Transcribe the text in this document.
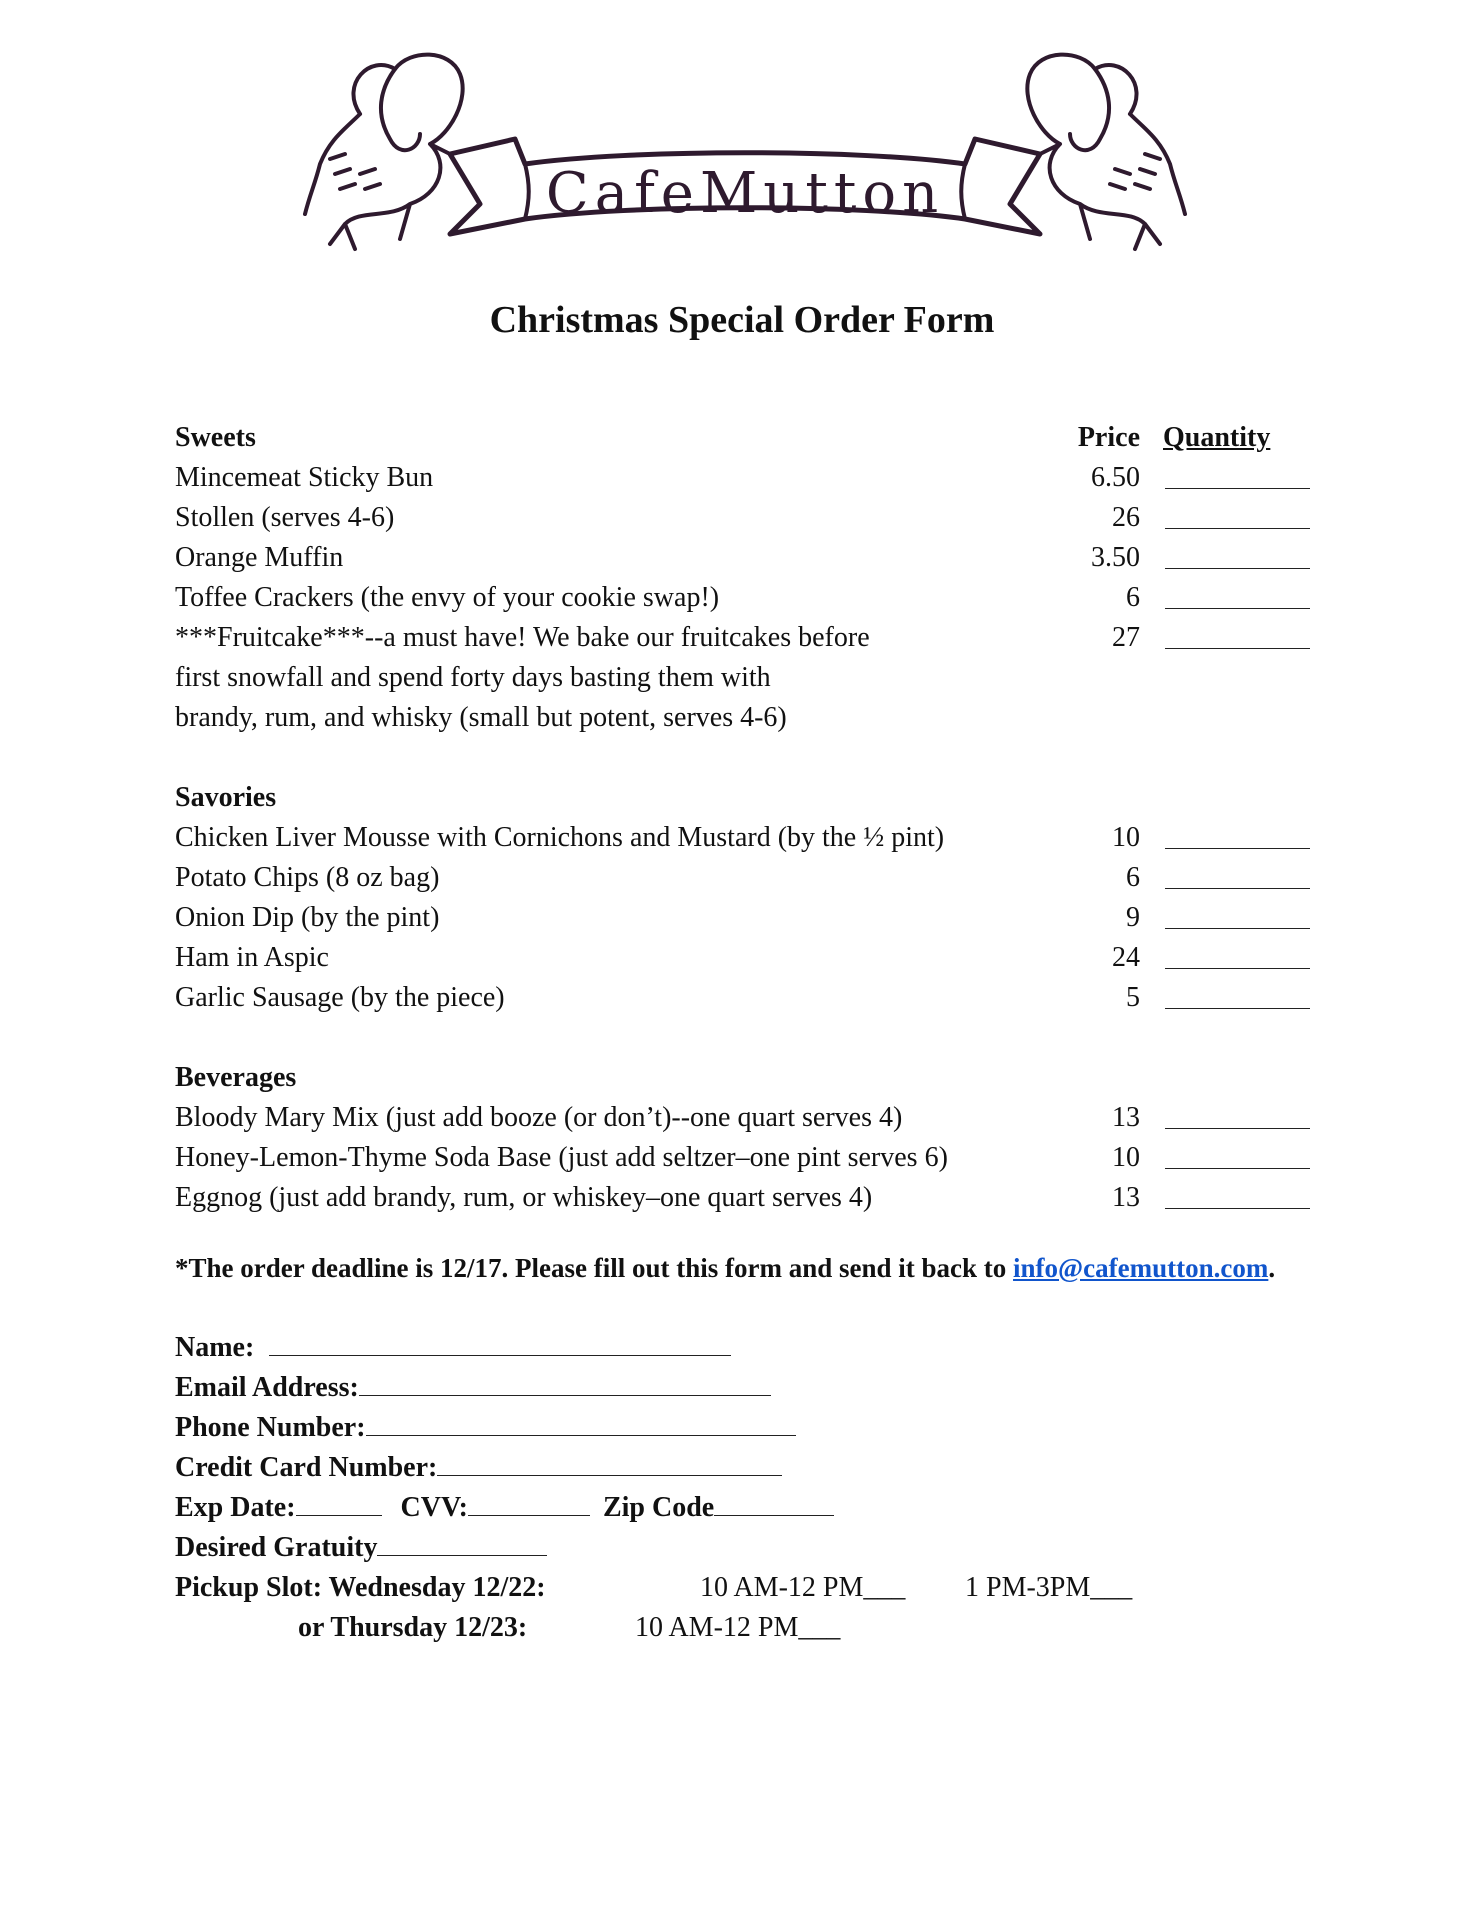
CafeMutton
Christmas Special Order Form
Sweets	Price Quantity
Mincemeat Sticky Bun	6.50
Stollen (serves 4-6)	26
Orange Muffin	3.50
Toffee Crackers (the envy of your cookie swap!)	6
***Fruitcake***--a must have! We bake our fruitcakes before	27
first snowfall and spend forty days basting them with
brandy, rum, and whisky (small but potent, serves 4-6)
Savories
Chicken Liver Mousse with Cornichons and Mustard (by the ½ pint)	10
Potato Chips (8 oz bag)	6
Onion Dip (by the pint)	9
Ham in Aspic	24
Garlic Sausage (by the piece)	5
Beverages
Bloody Mary Mix (just add booze (or don’t)--one quart serves 4)	13
Honey-Lemon-Thyme Soda Base (just add seltzer–one pint serves 6)	10
Eggnog (just add brandy, rum, or whiskey–one quart serves 4)	13
*The order deadline is 12/17. Please fill out this form and send it back to info@cafemutton.com.
Name:
Email Address:
Phone Number:
Credit Card Number:
Exp Date:	CVV:	Zip Code
Desired Gratuity
Pickup Slot: Wednesday 12/22:	10 AM-12 PM___ 1 PM-3PM___
or Thursday 12/23:	10 AM-12 PM___
